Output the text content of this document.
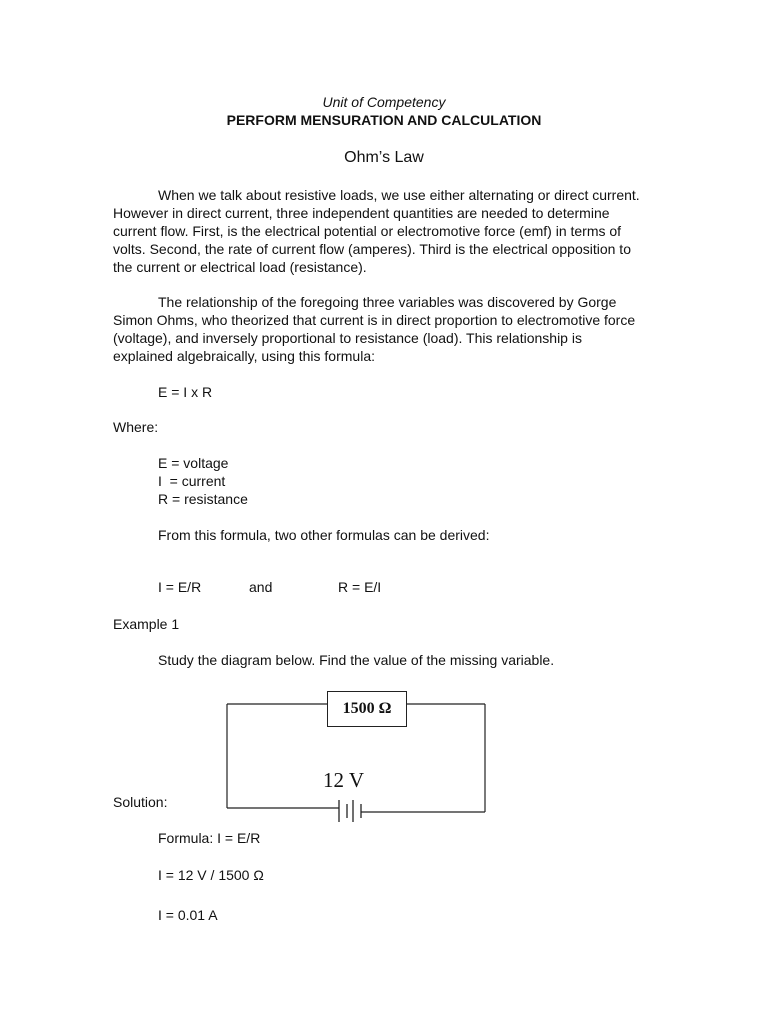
Unit of Competency
PERFORM MENSURATION AND CALCULATION
Ohm’s Law

When we talk about resistive loads, we use either alternating or direct current. However in direct current, three independent quantities are needed to determine current flow. First, is the electrical potential or electromotive force (emf) in terms of volts. Second, the rate of current flow (amperes). Third is the electrical opposition to the current or electrical load (resistance).

The relationship of the foregoing three variables was discovered by Gorge Simon Ohms, who theorized that current is in direct proportion to electromotive force (voltage), and inversely proportional to resistance (load). This relationship is explained algebraically, using this formula:

E = I x R
Where:
E = voltage
I  = current
R = resistance
From this formula, two other formulas can be derived:
I = E/R	and	R = E/I
Example 1
Study the diagram below. Find the value of the missing variable.
1500 Ω
12 V
Solution:
Formula: I = E/R
I = 12 V / 1500 Ω
I = 0.01 A
